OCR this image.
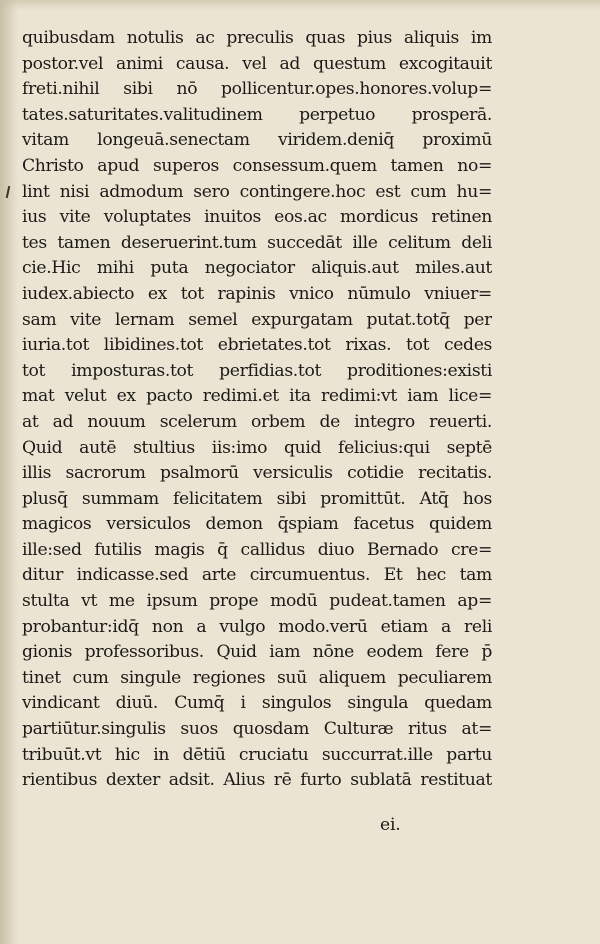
quibusdam notulis ac preculis quas pius aliquis im
postor.vel animi causa. vel ad questum excogitauit
freti.nihil sibi nō pollicentur.opes.honores.volup=
tates.saturitates.valitudinem perpetuo prosperā.
vitam longeuā.senectam viridem.deniq̄ proximū
Christo apud superos consessum.quem tamen no=
lint nisi admodum sero contingere.hoc est cum hu=
ius vite voluptates inuitos eos.ac mordicus retinen
tes tamen deseruerint.tum succedāt ille celitum deli
cie.Hic mihi puta negociator aliquis.aut miles.aut
iudex.abiecto ex tot rapinis vnico nūmulo vniuer=
sam vite lernam semel expurgatam putat.totq̄ per
iuria.tot libidines.tot ebrietates.tot rixas. tot cedes
tot imposturas.tot perfidias.tot proditiones:existi
mat velut ex pacto redimi.et ita redimi:vt iam lice=
at ad nouum scelerum orbem de integro reuerti.
Quid autē stultius iis:imo quid felicius:qui septē
illis sacrorum psalmorū versiculis cotidie recitatis.
plusq̄ summam felicitatem sibi promittūt. Atq̄ hos
magicos versiculos demon q̄spiam facetus quidem
ille:sed futilis magis q̄ callidus diuo Bernado cre=
ditur indicasse.sed arte circumuentus. Et hec tam
stulta vt me ipsum prope modū pudeat.tamen ap=
probantur:idq̄ non a vulgo modo.verū etiam a reli
gionis professoribus. Quid iam nōne eodem fere p̄
tinet cum singule regiones suū aliquem peculiarem
vindicant diuū. Cumq̄ i singulos singula quedam
partiūtur.singulis suos quosdam Culturæ ritus at=
tribuūt.vt hic in dētiū cruciatu succurrat.ille partu
rientibus dexter adsit. Alius rē furto sublatā restituat
ei.
